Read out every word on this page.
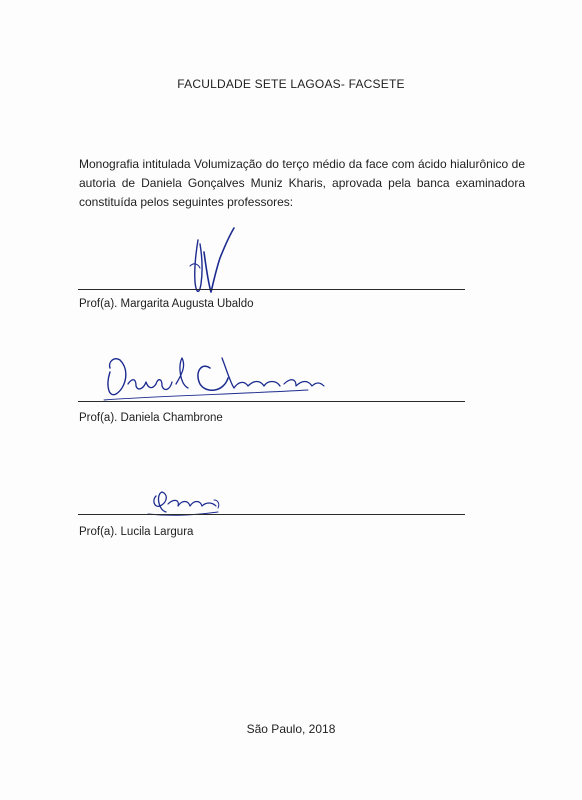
FACULDADE SETE LAGOAS- FACSETE
Monografia intitulada Volumização do terço médio da face com ácido hialurônico de autoria de Daniela Gonçalves Muniz Kharis, aprovada pela banca examinadora constituída pelos seguintes professores:
Prof(a). Margarita Augusta Ubaldo
Prof(a). Daniela Chambrone
Prof(a). Lucila Largura
São Paulo, 2018
